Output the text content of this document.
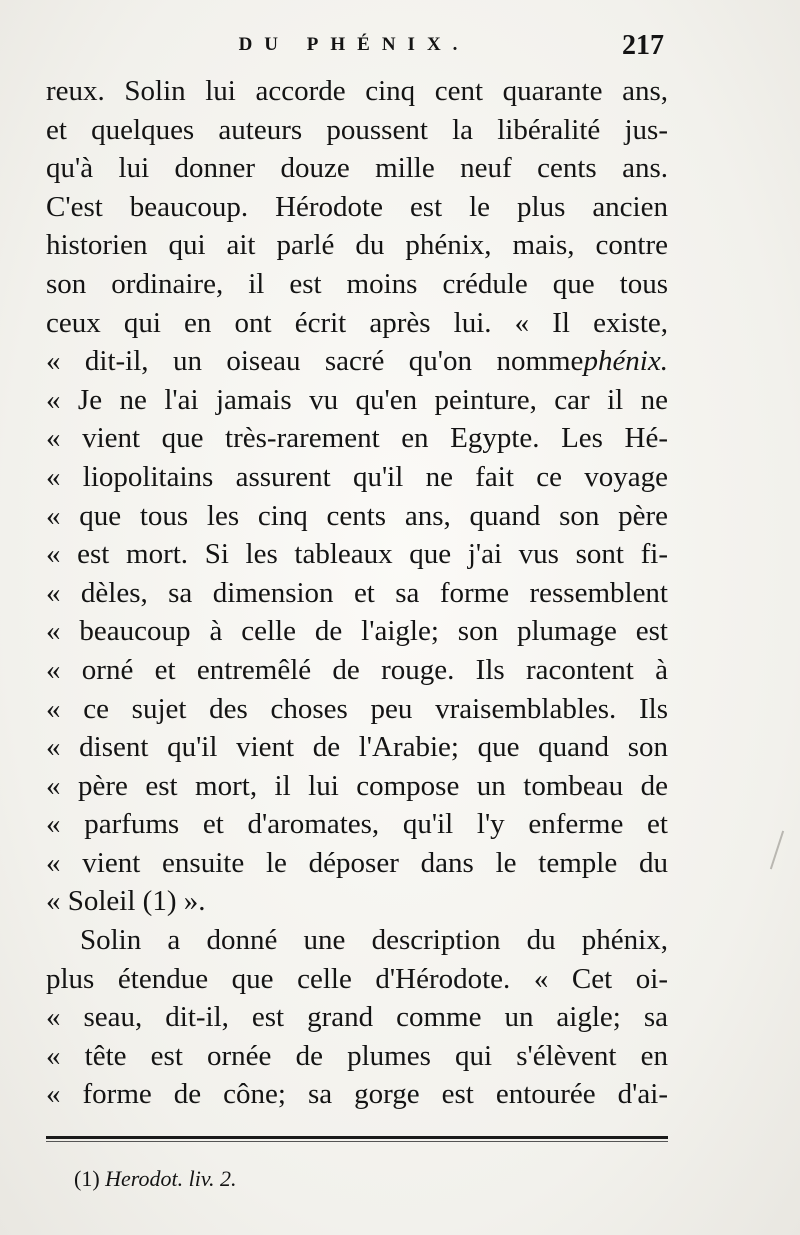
DU PHÉNIX.	217
reux. Solin lui accorde cinq cent quarante ans,
et quelques auteurs poussent la libéralité jus-
qu'à lui donner douze mille neuf cents ans.
C'est beaucoup. Hérodote est le plus ancien
historien qui ait parlé du phénix, mais, contre
son ordinaire, il est moins crédule que tous
ceux qui en ont écrit après lui. « Il existe,
« dit-il, un oiseau sacré qu'on nommephénix.
« Je ne l'ai jamais vu qu'en peinture, car il ne
« vient que très-rarement en Egypte. Les Hé-
« liopolitains assurent qu'il ne fait ce voyage
« que tous les cinq cents ans, quand son père
« est mort. Si les tableaux que j'ai vus sont fi-
« dèles, sa dimension et sa forme ressemblent
« beaucoup à celle de l'aigle; son plumage est
« orné et entremêlé de rouge. Ils racontent à
« ce sujet des choses peu vraisemblables. Ils
« disent qu'il vient de l'Arabie; que quand son
« père est mort, il lui compose un tombeau de
« parfums et d'aromates, qu'il l'y enferme et
« vient ensuite le déposer dans le temple du
« Soleil (1) ».
Solin a donné une description du phénix,
plus étendue que celle d'Hérodote. « Cet oi-
« seau, dit-il, est grand comme un aigle; sa
« tête est ornée de plumes qui s'élèvent en
« forme de cône; sa gorge est entourée d'ai-
(1) Herodot. liv. 2.
